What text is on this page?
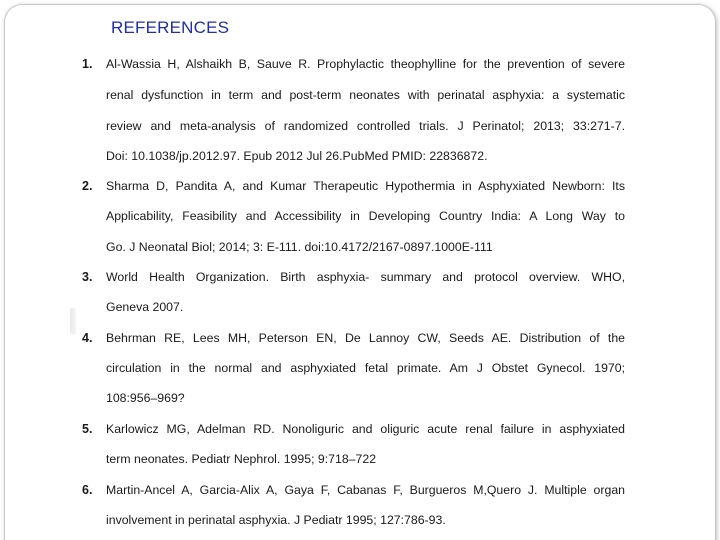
REFERENCES
1.	Al-Wassia H, Alshaikh B, Sauve R. Prophylactic theophylline for the prevention of severe
renal dysfunction in term and post-term neonates with perinatal asphyxia: a systematic
review and meta-analysis of randomized controlled trials. J Perinatol; 2013; 33:271-7.
Doi: 10.1038/jp.2012.97. Epub 2012 Jul 26.PubMed PMID: 22836872.
2.	Sharma D, Pandita A, and Kumar Therapeutic Hypothermia in Asphyxiated Newborn: Its
Applicability, Feasibility and Accessibility in Developing Country India: A Long Way to
Go. J Neonatal Biol; 2014; 3: E-111. doi:10.4172/2167-0897.1000E-111
3.	World Health Organization. Birth asphyxia- summary and protocol overview. WHO,
Geneva 2007.
4.	Behrman RE, Lees MH, Peterson EN, De Lannoy CW, Seeds AE. Distribution of the
circulation in the normal and asphyxiated fetal primate. Am J Obstet Gynecol. 1970;
108:956–969?
5.	Karlowicz MG, Adelman RD. Nonoliguric and oliguric acute renal failure in asphyxiated
term neonates. Pediatr Nephrol. 1995; 9:718–722
6.	Martin-Ancel A, Garcia-Alix A, Gaya F, Cabanas F, Burgueros M,Quero J. Multiple organ
involvement in perinatal asphyxia. J Pediatr 1995; 127:786-93.
